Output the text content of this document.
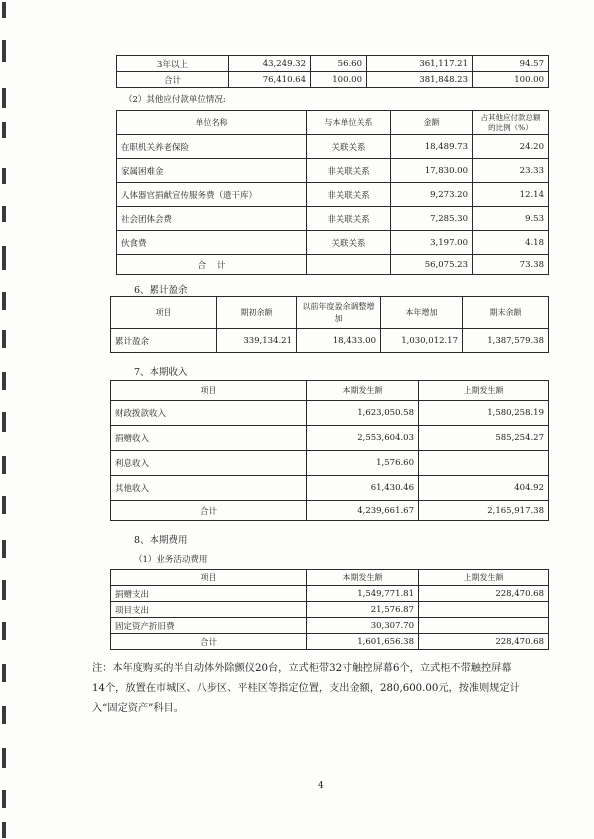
3年以上	43,249.32	56.60	361,117.21	94.57
合计	76,410.64	100.00	381,848.23	100.00
（2）其他应付款单位情况:
单位名称	与本单位关系	金额	占其他应付款总额的比例（%）
在职机关养老保险	关联关系	18,489.73	24.20
家属困难金	非关联关系	17,830.00	23.33
人体器官捐献宣传服务费（遗干库）	非关联关系	9,273.20	12.14
社会团体会费	非关联关系	7,285.30	9.53
伙食费	关联关系	3,197.00	4.18
合    计		56,075.23	73.38
6、累计盈余
项目	期初余额	以前年度盈余调整增加	本年增加	期末余额
累计盈余	339,134.21	18,433.00	1,030,012.17	1,387,579.38
7、本期收入
项目	本期发生额	上期发生额
财政拨款收入	1,623,050.58	1,580,258.19
捐赠收入	2,553,604.03	585,254.27
利息收入	1,576.60	
其他收入	61,430.46	404.92
合计	4,239,661.67	2,165,917.38
8、本期费用
（1）业务活动费用
项目	本期发生额	上期发生额
捐赠支出	1,549,771.81	228,470.68
项目支出	21,576.87	
固定资产折旧费	30,307.70	
合计	1,601,656.38	228,470.68
注：本年度购买的半自动体外除颤仪20台，立式柜带32寸触控屏幕6个，立式柜不带触控屏幕14个，放置在市城区、八步区、平桂区等指定位置，支出金额，280,600.00元，按准则规定计入“固定资产”科目。
4
